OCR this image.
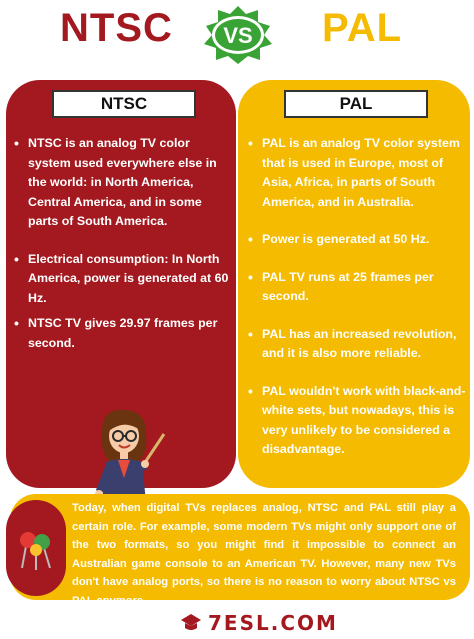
NTSC VS PAL
NTSC
• NTSC is an analog TV color system used everywhere else in the world: in North America, Central America, and in some parts of South America.
• Electrical consumption: In North America, power is generated at 60 Hz.
• NTSC TV gives 29.97 frames per second.
PAL
• PAL is an analog TV color system that is used in Europe, most of Asia, Africa, in parts of South America, and in Australia.
• Power is generated at 50 Hz.
• PAL TV runs at 25 frames per second.
• PAL has an increased revolution, and it is also more reliable.
• PAL wouldn't work with black-and-white sets, but nowadays, this is very unlikely to be considered a disadvantage.
Today, when digital TVs replaces analog, NTSC and PAL still play a certain role. For example, some modern TVs might only support one of the two formats, so you might find it impossible to connect an Australian game console to an American TV. However, many new TVs don't have analog ports, so there is no reason to worry about NTSC vs PAL anymore.
7ESL.COM
